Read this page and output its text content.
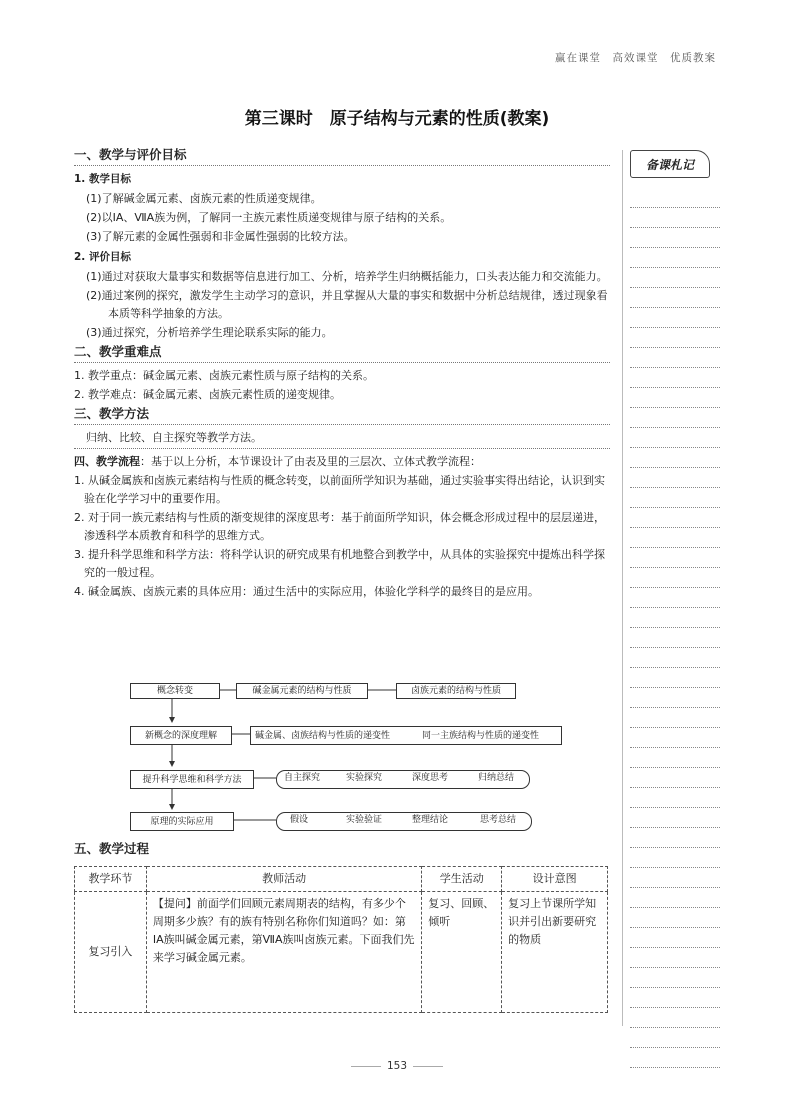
赢在课堂　高效课堂　优质教案
第三课时　原子结构与元素的性质(教案)
备课札记
一、教学与评价目标
1. 教学目标
(1)了解碱金属元素、卤族元素的性质递变规律。
(2)以ⅠA、ⅦA族为例，了解同一主族元素性质递变规律与原子结构的关系。
(3)了解元素的金属性强弱和非金属性强弱的比较方法。
2. 评价目标
(1)通过对获取大量事实和数据等信息进行加工、分析，培养学生归纳概括能力，口头表达能力和交流能力。
(2)通过案例的探究，激发学生主动学习的意识，并且掌握从大量的事实和数据中分析总结规律，透过现象看本质等科学抽象的方法。
(3)通过探究，分析培养学生理论联系实际的能力。
二、教学重难点
1. 教学重点：碱金属元素、卤族元素性质与原子结构的关系。
2. 教学难点：碱金属元素、卤族元素性质的递变规律。
三、教学方法
归纳、比较、自主探究等教学方法。
四、教学流程：基于以上分析，本节课设计了由表及里的三层次、立体式教学流程：
1. 从碱金属族和卤族元素结构与性质的概念转变，以前面所学知识为基础，通过实验事实得出结论，认识到实验在化学学习中的重要作用。
2. 对于同一族元素结构与性质的渐变规律的深度思考：基于前面所学知识，体会概念形成过程中的层层递进，渗透科学本质教育和科学的思维方式。
3. 提升科学思维和科学方法：将科学认识的研究成果有机地整合到教学中，从具体的实验探究中提炼出科学探究的一般过程。
4. 碱金属族、卤族元素的具体应用：通过生活中的实际应用，体验化学科学的最终目的是应用。
概念转变	碱金属元素的结构与性质	卤族元素的结构与性质
新概念的深度理解	碱金属、卤族结构与性质的递变性	同一主族结构与性质的递变性
提升科学思维和科学方法	自主探究	实验探究	深度思考	归纳总结
原理的实际应用	假设	实验验证	整理结论	思考总结
五、教学过程
教学环节	教师活动	学生活动	设计意图
复习引入	【提问】前面学们回顾元素周期表的结构，有多少个周期多少族？有的族有特别名称你们知道吗？如：第ⅠA族叫碱金属元素，第ⅦA族叫卤族元素。下面我们先来学习碱金属元素。	复习、回顾、倾听	复习上节课所学知识并引出新要研究的物质
153
